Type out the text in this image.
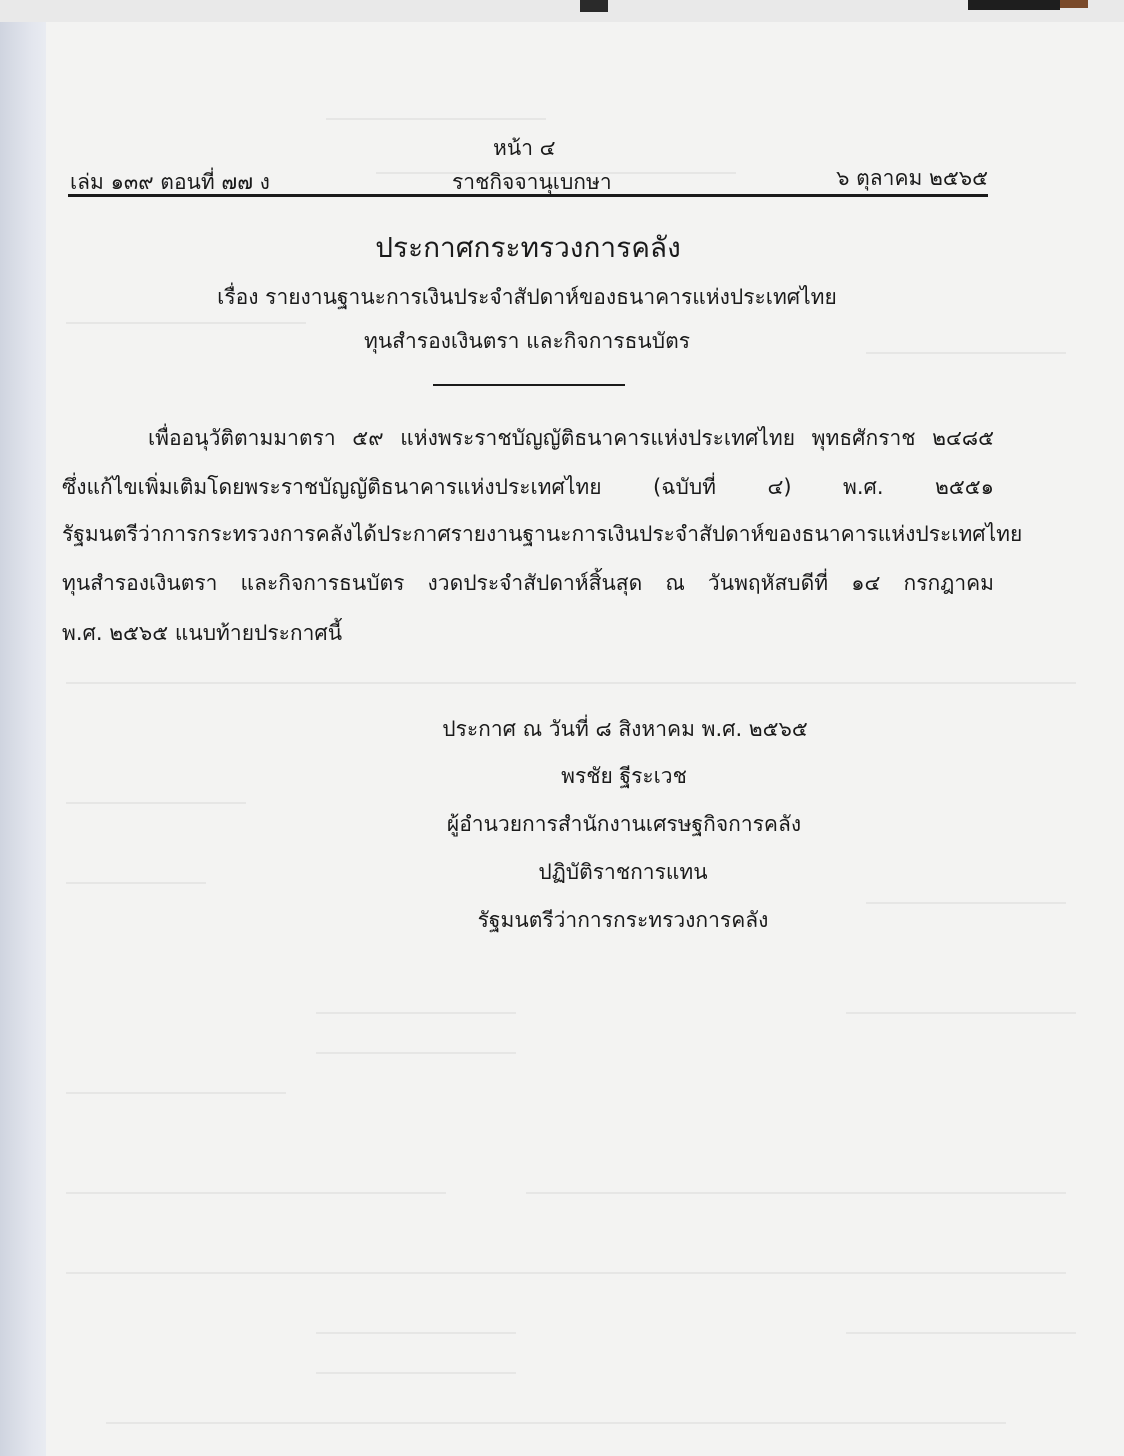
หน้า ๔
เล่ม ๑๓๙ ตอนที่ ๗๗ ง	ราชกิจจานุเบกษา	๖ ตุลาคม ๒๕๖๕
ประกาศกระทรวงการคลัง
เรื่อง รายงานฐานะการเงินประจำสัปดาห์ของธนาคารแห่งประเทศไทย
ทุนสำรองเงินตรา และกิจการธนบัตร
เพื่ออนุวัติตามมาตรา ๕๙ แห่งพระราชบัญญัติธนาคารแห่งประเทศไทย พุทธศักราช ๒๔๘๕
ซึ่งแก้ไขเพิ่มเติมโดยพระราชบัญญัติธนาคารแห่งประเทศไทย (ฉบับที่ ๔) พ.ศ. ๒๕๕๑
รัฐมนตรีว่าการกระทรวงการคลังได้ประกาศรายงานฐานะการเงินประจำสัปดาห์ของธนาคารแห่งประเทศไทย
ทุนสำรองเงินตรา และกิจการธนบัตร งวดประจำสัปดาห์สิ้นสุด ณ วันพฤหัสบดีที่ ๑๔ กรกฎาคม
พ.ศ. ๒๕๖๕ แนบท้ายประกาศนี้
ประกาศ ณ วันที่ ๘ สิงหาคม พ.ศ. ๒๕๖๕
พรชัย ฐีระเวช
ผู้อำนวยการสำนักงานเศรษฐกิจการคลัง
ปฏิบัติราชการแทน
รัฐมนตรีว่าการกระทรวงการคลัง
